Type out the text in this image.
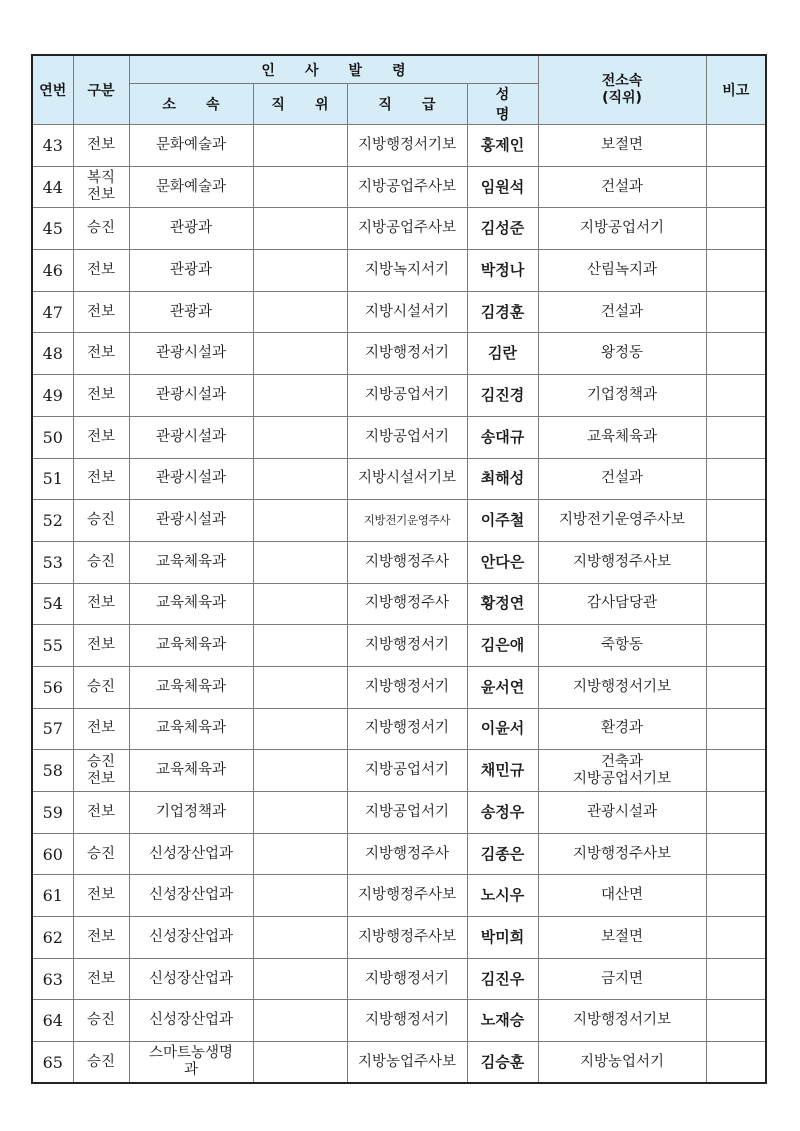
연번	구분	인 사 발 령				전소속
(직위)	비고
		소 속	직 위	직 급	성 명		
43	전보	문화예술과		지방행정서기보	홍제인	보절면	

44	복직
전보	문화예술과		지방공업주사보	임원석	건설과	

45	승진	관광과		지방공업주사보	김성준	지방공업서기	

46	전보	관광과		지방녹지서기	박정나	산림녹지과	

47	전보	관광과		지방시설서기	김경훈	건설과	

48	전보	관광시설과		지방행정서기	김란	왕정동	

49	전보	관광시설과		지방공업서기	김진경	기업정책과	

50	전보	관광시설과		지방공업서기	송대규	교육체육과	

51	전보	관광시설과		지방시설서기보	최해성	건설과	

52	승진	관광시설과		지방전기운영주사	이주철	지방전기운영주사보	

53	승진	교육체육과		지방행정주사	안다은	지방행정주사보	

54	전보	교육체육과		지방행정주사	황정연	감사담당관	

55	전보	교육체육과		지방행정서기	김은애	죽항동	

56	승진	교육체육과		지방행정서기	윤서연	지방행정서기보	

57	전보	교육체육과		지방행정서기	이윤서	환경과	

58	승진
전보	교육체육과		지방공업서기	채민규	건축과
지방공업서기보	

59	전보	기업정책과		지방공업서기	송정우	관광시설과	

60	승진	신성장산업과		지방행정주사	김종은	지방행정주사보	

61	전보	신성장산업과		지방행정주사보	노시우	대산면	

62	전보	신성장산업과		지방행정주사보	박미희	보절면	

63	전보	신성장산업과		지방행정서기	김진우	금지면	

64	승진	신성장산업과		지방행정서기	노재승	지방행정서기보	

65	승진	스마트농생명
과		지방농업주사보	김승훈	지방농업서기	
